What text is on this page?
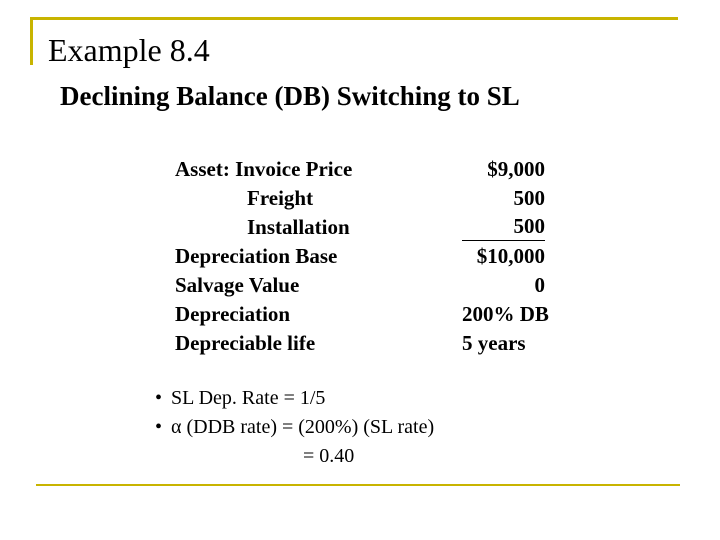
Example 8.4
Declining Balance (DB) Switching to SL
Asset: Invoice Price	$9,000
Freight	500
Installation	500
Depreciation Base	$10,000
Salvage Value	0
Depreciation	200% DB
Depreciable life	5 years
• SL Dep. Rate = 1/5
• α (DDB rate) = (200%) (SL rate)
= 0.40
